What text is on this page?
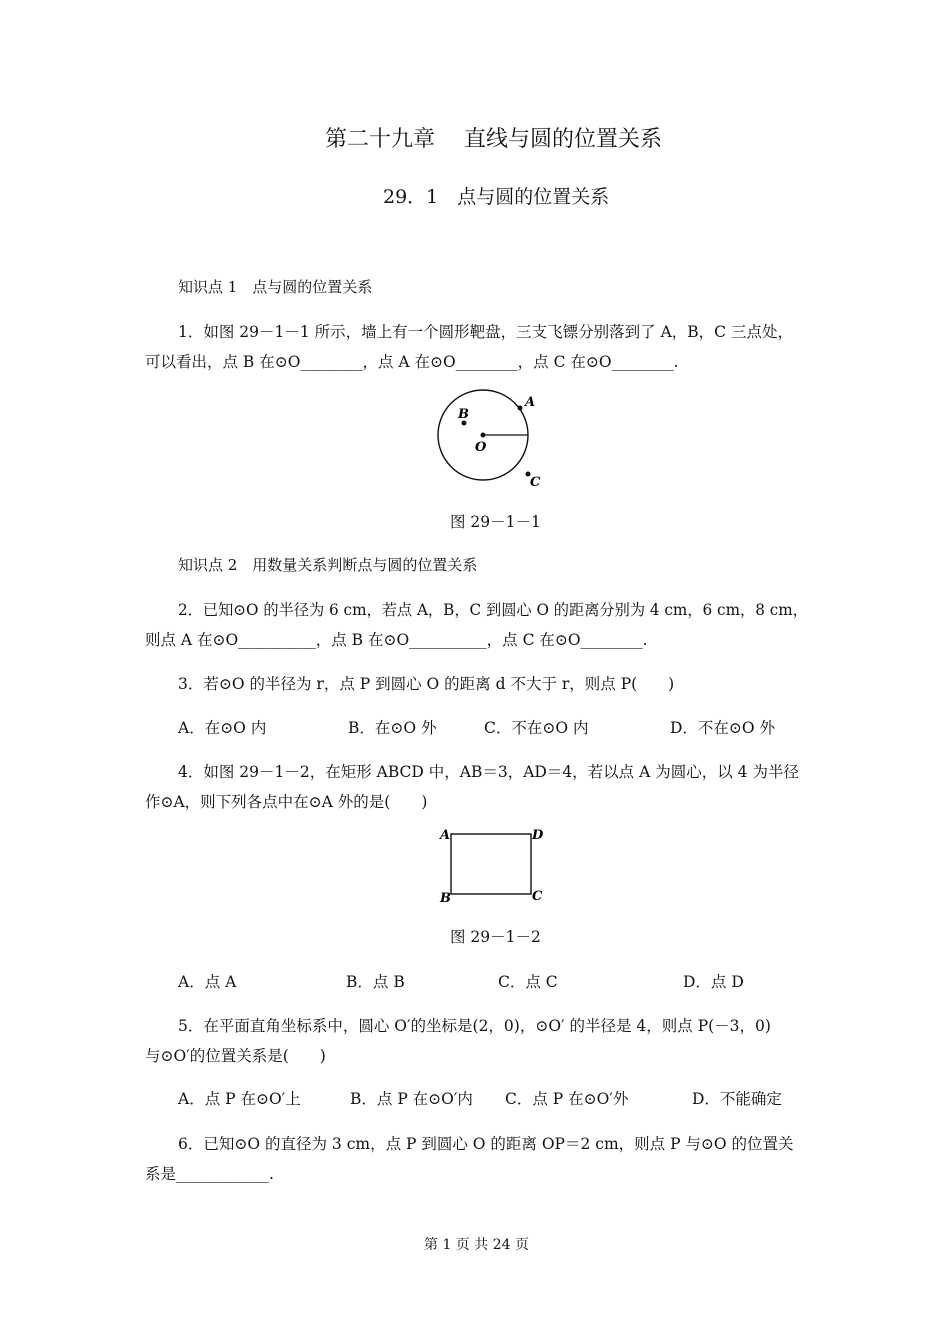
第二十九章　 直线与圆的位置关系
29．1　点与圆的位置关系
知识点 1　点与圆的位置关系
1．如图 29－1－1 所示，墙上有一个圆形靶盘，三支飞镖分别落到了 A，B，C 三点处，
可以看出，点 B 在⊙O________，点 A 在⊙O________，点 C 在⊙O________.
B
A
O
C
图 29－1－1
知识点 2　用数量关系判断点与圆的位置关系
2．已知⊙O 的半径为 6 cm，若点 A，B，C 到圆心 O 的距离分别为 4 cm，6 cm，8 cm，
则点 A 在⊙O__________，点 B 在⊙O__________，点 C 在⊙O________.
3．若⊙O 的半径为 r，点 P 到圆心 O 的距离 d 不大于 r，则点 P(　　)
A．在⊙O 内	B．在⊙O 外	C．不在⊙O 内	D．不在⊙O 外
4．如图 29－1－2，在矩形 ABCD 中，AB＝3，AD＝4，若以点 A 为圆心，以 4 为半径
作⊙A，则下列各点中在⊙A 外的是(　　)
A	D
B	C
图 29－1－2
A．点 A	B．点 B	C．点 C	D．点 D
5．在平面直角坐标系中，圆心 O′的坐标是(2，0)，⊙O′ 的半径是 4，则点 P(－3，0)
与⊙O′的位置关系是(　　)
A．点 P 在⊙O′上	B．点 P 在⊙O′内 C．点 P 在⊙O′外	D．不能确定
6．已知⊙O 的直径为 3 cm，点 P 到圆心 O 的距离 OP＝2 cm，则点 P 与⊙O 的位置关
系是____________.
第 1 页 共 24 页
